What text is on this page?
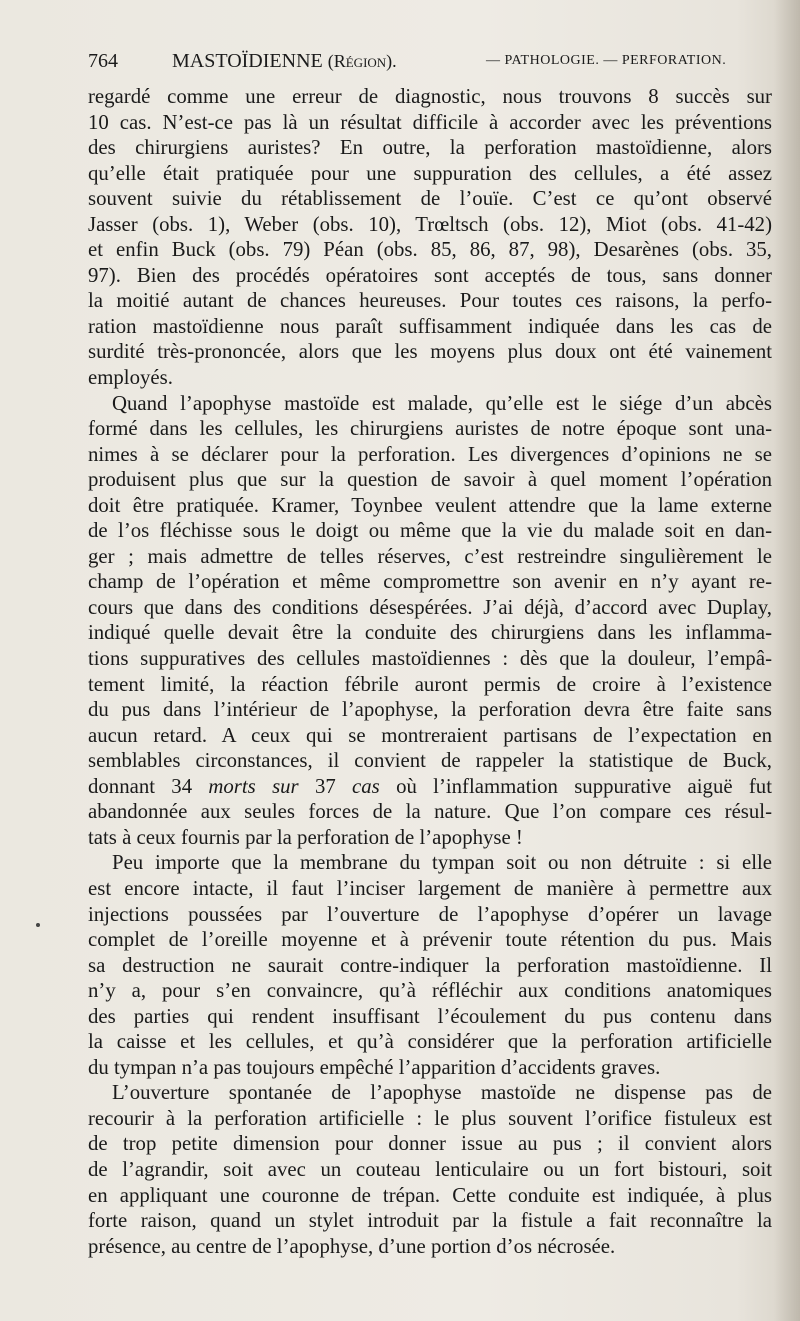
764	MASTOÏDIENNE (Région).	— PATHOLOGIE. — PERFORATION.
regardé comme une erreur de diagnostic, nous trouvons 8 succès sur
10 cas. N’est-ce pas là un résultat difficile à accorder avec les préventions
des chirurgiens auristes? En outre, la perforation mastoïdienne, alors
qu’elle était pratiquée pour une suppuration des cellules, a été assez
souvent suivie du rétablissement de l’ouïe. C’est ce qu’ont observé
Jasser (obs. 1), Weber (obs. 10), Trœltsch (obs. 12), Miot (obs. 41-42)
et enfin Buck (obs. 79) Péan (obs. 85, 86, 87, 98), Desarènes (obs. 35,
97). Bien des procédés opératoires sont acceptés de tous, sans donner
la moitié autant de chances heureuses. Pour toutes ces raisons, la perfo-
ration mastoïdienne nous paraît suffisamment indiquée dans les cas de
surdité très-prononcée, alors que les moyens plus doux ont été vainement
employés.
Quand l’apophyse mastoïde est malade, qu’elle est le siége d’un abcès
formé dans les cellules, les chirurgiens auristes de notre époque sont una-
nimes à se déclarer pour la perforation. Les divergences d’opinions ne se
produisent plus que sur la question de savoir à quel moment l’opération
doit être pratiquée. Kramer, Toynbee veulent attendre que la lame externe
de l’os fléchisse sous le doigt ou même que la vie du malade soit en dan-
ger ; mais admettre de telles réserves, c’est restreindre singulièrement le
champ de l’opération et même compromettre son avenir en n’y ayant re-
cours que dans des conditions désespérées. J’ai déjà, d’accord avec Duplay,
indiqué quelle devait être la conduite des chirurgiens dans les inflamma-
tions suppuratives des cellules mastoïdiennes : dès que la douleur, l’empâ-
tement limité, la réaction fébrile auront permis de croire à l’existence
du pus dans l’intérieur de l’apophyse, la perforation devra être faite sans
aucun retard. A ceux qui se montreraient partisans de l’expectation en
semblables circonstances, il convient de rappeler la statistique de Buck,
donnant 34 morts sur 37 cas où l’inflammation suppurative aiguë fut
abandonnée aux seules forces de la nature. Que l’on compare ces résul-
tats à ceux fournis par la perforation de l’apophyse !
Peu importe que la membrane du tympan soit ou non détruite : si elle
est encore intacte, il faut l’inciser largement de manière à permettre aux
injections poussées par l’ouverture de l’apophyse d’opérer un lavage
complet de l’oreille moyenne et à prévenir toute rétention du pus. Mais
sa destruction ne saurait contre-indiquer la perforation mastoïdienne. Il
n’y a, pour s’en convaincre, qu’à réfléchir aux conditions anatomiques
des parties qui rendent insuffisant l’écoulement du pus contenu dans
la caisse et les cellules, et qu’à considérer que la perforation artificielle
du tympan n’a pas toujours empêché l’apparition d’accidents graves.
L’ouverture spontanée de l’apophyse mastoïde ne dispense pas de
recourir à la perforation artificielle : le plus souvent l’orifice fistuleux est
de trop petite dimension pour donner issue au pus ; il convient alors
de l’agrandir, soit avec un couteau lenticulaire ou un fort bistouri, soit
en appliquant une couronne de trépan. Cette conduite est indiquée, à plus
forte raison, quand un stylet introduit par la fistule a fait reconnaître la
présence, au centre de l’apophyse, d’une portion d’os nécrosée.
